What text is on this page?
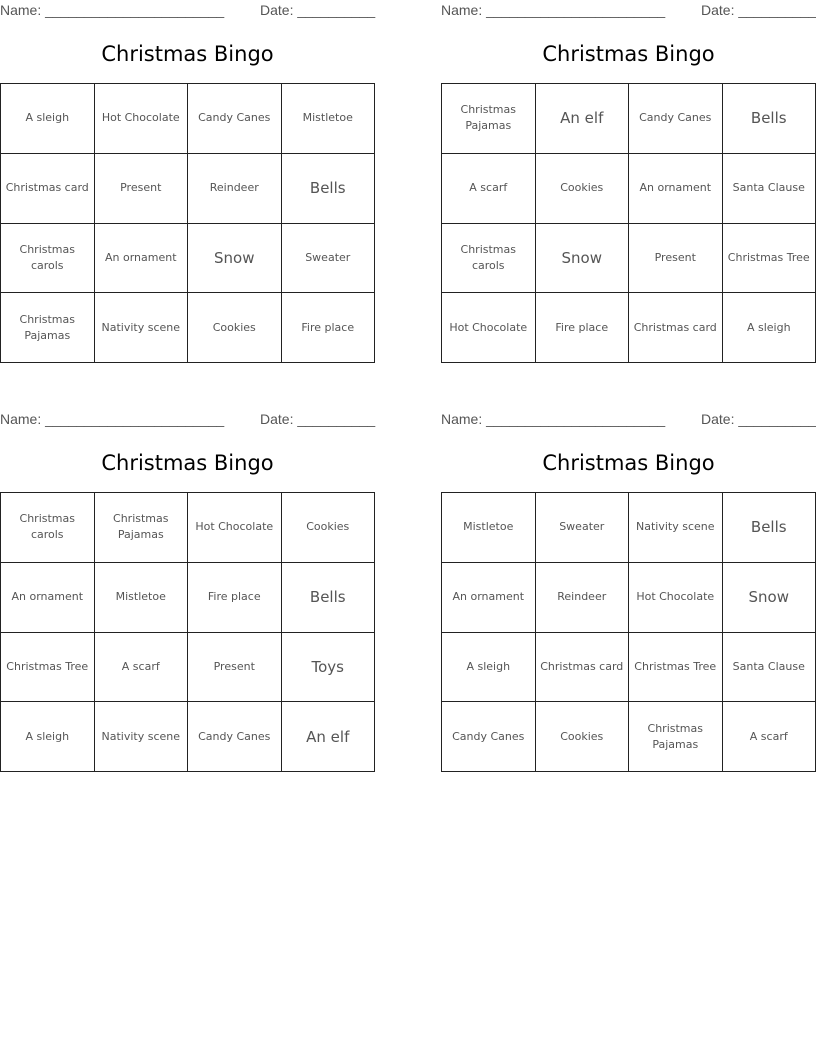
Name: _______________________	Date: __________
Christmas Bingo
A sleigh	Hot Chocolate	Candy Canes	Mistletoe
Christmas card	Present	Reindeer	Bells
Christmas carols	An ornament	Snow	Sweater
Christmas Pajamas	Nativity scene	Cookies	Fire place
Name: _______________________	Date: __________
Christmas Bingo
Christmas Pajamas	An elf	Candy Canes	Bells
A scarf	Cookies	An ornament	Santa Clause
Christmas carols	Snow	Present	Christmas Tree
Hot Chocolate	Fire place	Christmas card	A sleigh
Name: _______________________	Date: __________
Christmas Bingo
Christmas carols	Christmas Pajamas	Hot Chocolate	Cookies
An ornament	Mistletoe	Fire place	Bells
Christmas Tree	A scarf	Present	Toys
A sleigh	Nativity scene	Candy Canes	An elf
Name: _______________________	Date: __________
Christmas Bingo
Mistletoe	Sweater	Nativity scene	Bells
An ornament	Reindeer	Hot Chocolate	Snow
A sleigh	Christmas card	Christmas Tree	Santa Clause
Candy Canes	Cookies	Christmas Pajamas	A scarf
